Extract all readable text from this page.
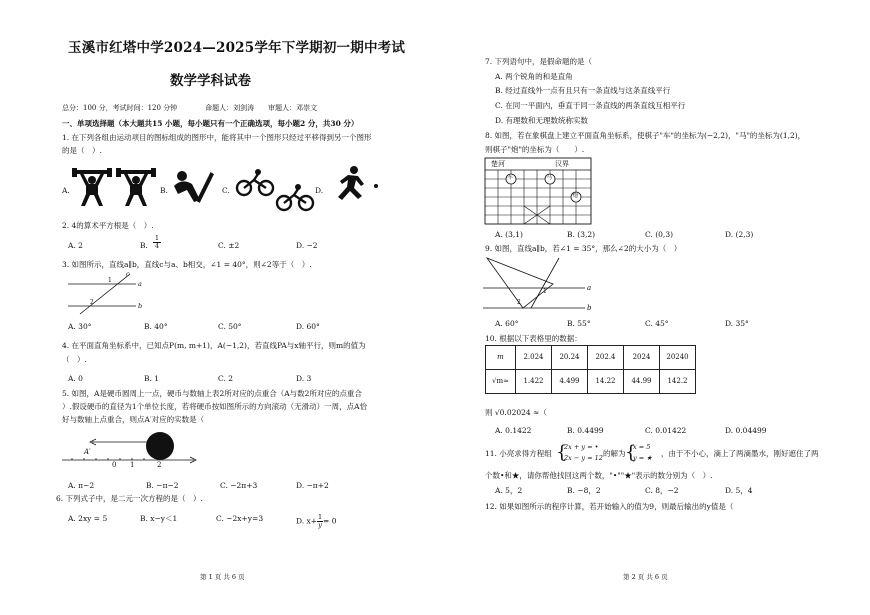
玉溪市红塔中学2024—2025学年下学期初一期中考试
数学学科试卷
总分：100 分，考试时间：120 分钟　　　　命题人：刘剑涛　　审题人：邓崇文
一、单项选择题（本大题共15 小题，每小题只有一个正确选项，每小题2 分，共30 分）
1. 在下列各组由运动项目的图标组成的图形中，能将其中一个图形只经过平移得到另一个图形
的是（　）.
A.	B.	C.	D.
2. 4的算术平方根是（　）.
A. 2	B. $\frac{1}{4}$	C. ±2	D. −2
3. 如图所示，直线a∥b，直线c与a、b相交，∠1 = 40°，则∠2等于（　）.
c
a
b
1
2
A. 30°	B. 40°	C. 50°	D. 60°
4. 在平面直角坐标系中，已知点P(m, m+1)，A(−1,2)，若直线PA与x轴平行，则m的值为
（　）.
A. 0	B. 1	C. 2	D. 3
5. 如图，A是硬币圆周上一点，硬币与数轴上表2所对应的点重合（A与数2所对应的点重合
）.假设硬币的直径为1个单位长度，若将硬币按如图所示的方向滚动（无滑动）一周，点A恰
好与数轴上点重合，则点A′对应的实数是（
A′
0 1	2
A. π−2	B. −π−2	C. −2π+3	D. −π+2
6. 下列式子中，是二元一次方程的是（　）.
A. 2xy = 5	B. x−y＜1	C. −2x+y=3	D. $x+ \frac{1}{y} = 0$
第 1 页 共 6 页
7. 下列语句中，是假命题的是（
A. 两个锐角的和是直角
B. 经过直线外一点有且只有一条直线与这条直线平行
C. 在同一平面内，垂直于同一条直线的两条直线互相平行
D. 有理数和无理数统称实数
8. 如图，若在象棋盘上建立平面直角坐标系，使棋子"车"的坐标为(−2,2)，"马"的坐标为(1,2)，
则棋子"炮"的坐标为（　　）.
楚河	汉界
车	马
炮
A. (3,1)	B. (3,2)	C. (0,3)	D. (2,3)
9. 如图，直线a∥b，若∠1 = 35°，那么∠2的大小为（　）
a
b
1
2
A. 60°	B. 55°	C. 45°	D. 35°
10. 根据以下表格里的数据：
m	2.024	20.24	202.4	2024	20240
√m≈	1.422	4.499	14.22	44.99	142.2
则 √0.02024 ≈（
A. 0.1422	B. 0.4499	C. 0.01422	D. 0.04499
11. 小亮求得方程组 {
2x + y = •
2x − y = 12 的解为 {
x = 5
y = ★ ，由于不小心，滴上了两滴墨水，刚好遮住了两
个数•和★，请你帮他找回这两个数，"•""★"表示的数分别为（　）.
A. 5，2	B. −8，2	C. 8，−2	D. 5，4
12. 如果如图所示的程序计算，若开始输入的值为9，则最后输出的y值是（
第 2 页 共 6 页
